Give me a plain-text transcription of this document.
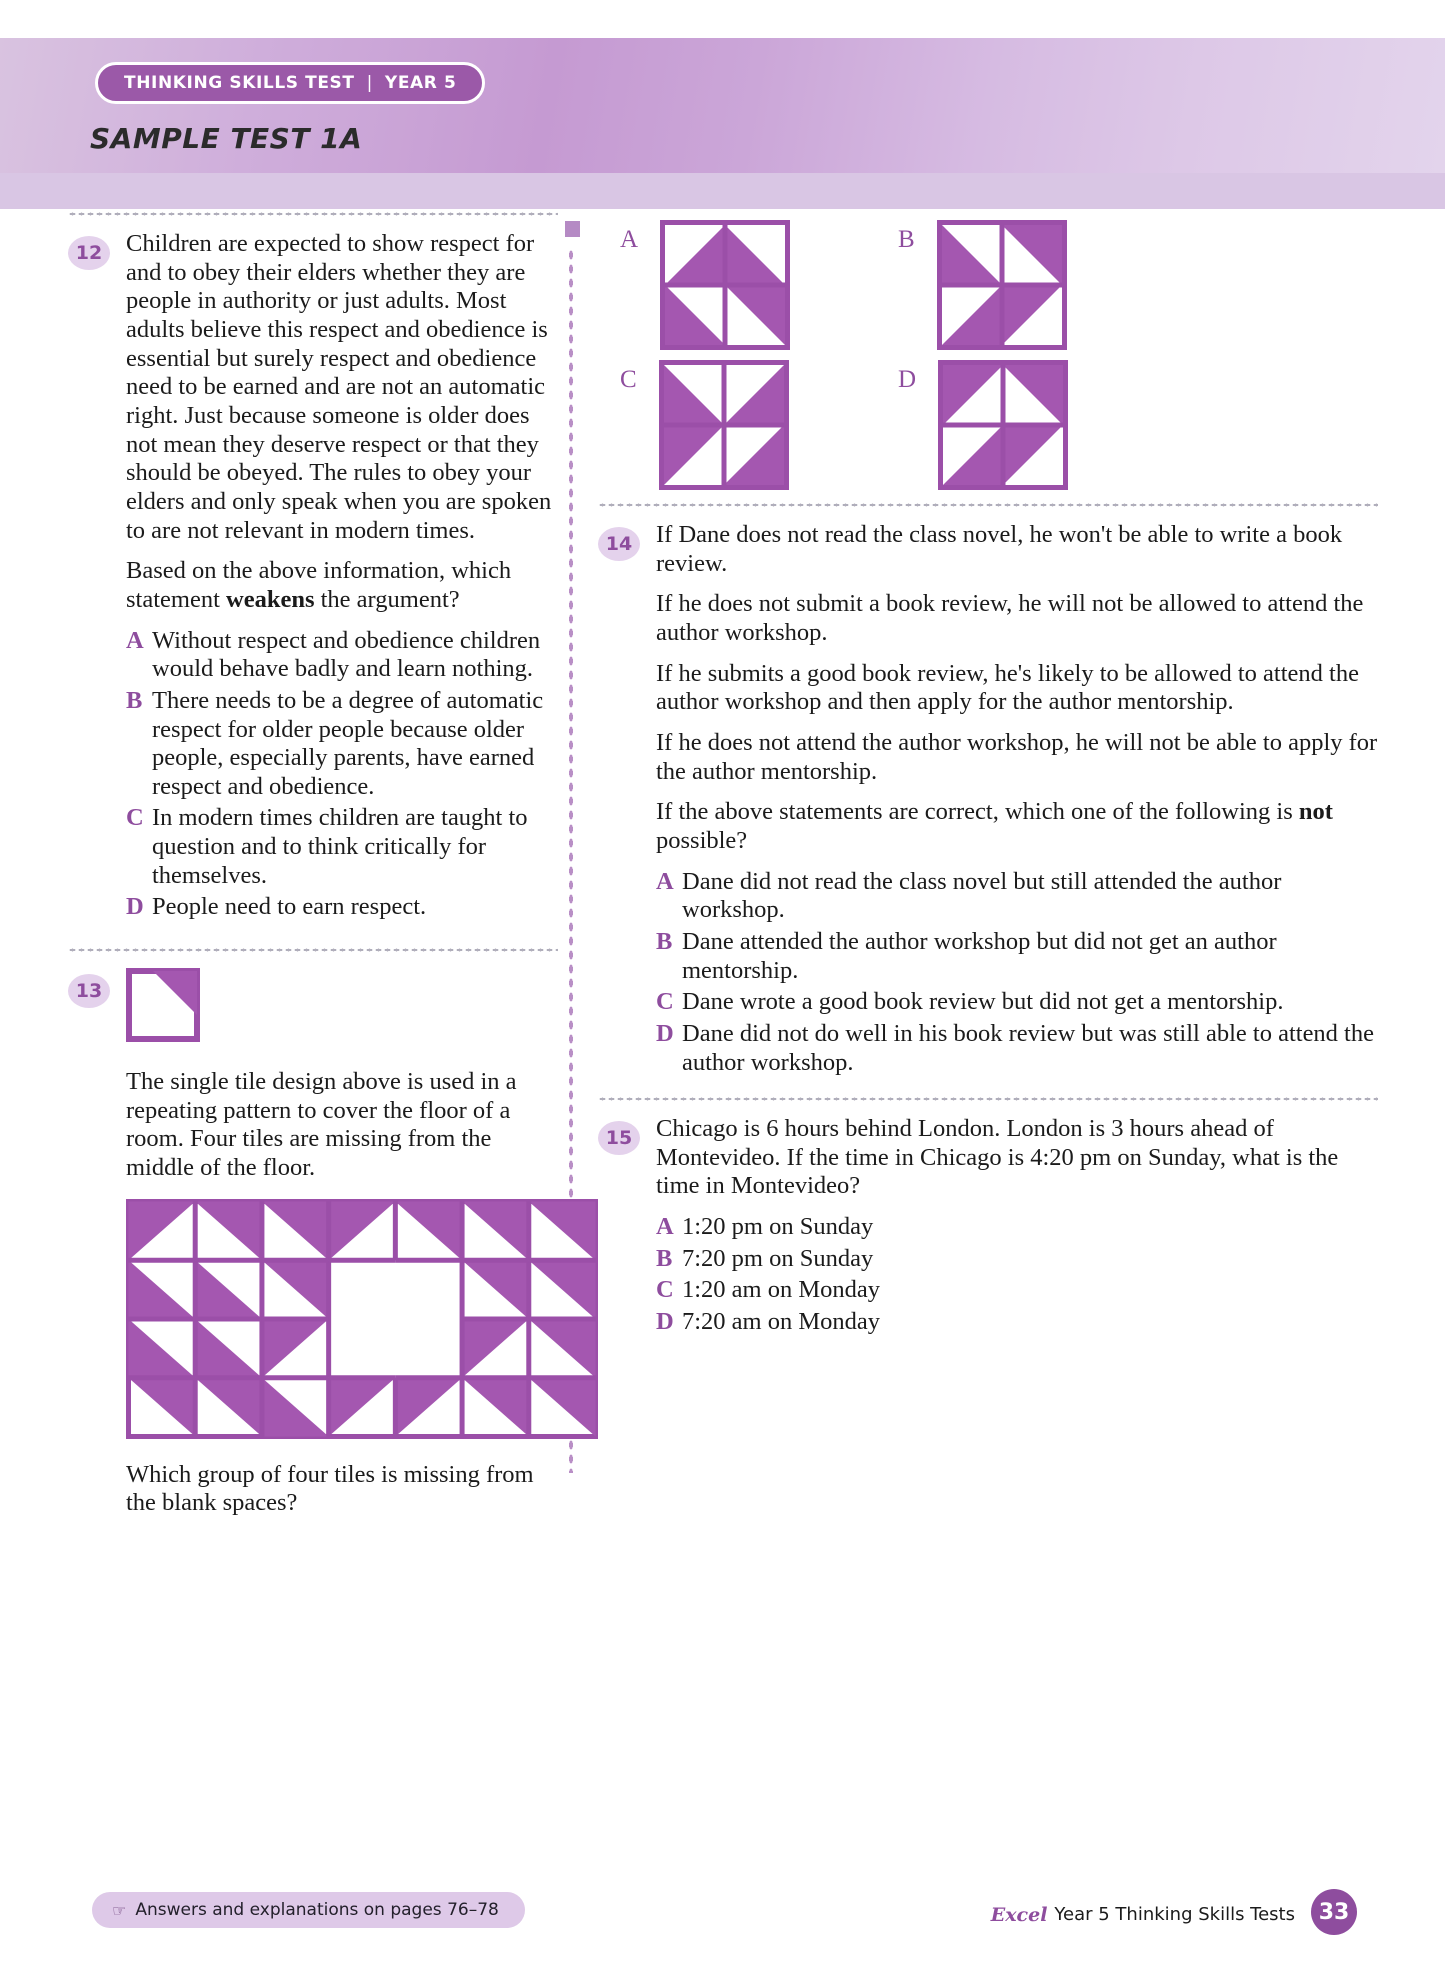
THINKING SKILLS TEST | YEAR 5
SAMPLE TEST 1A
12 Children are expected to show respect for and to obey their elders whether they are people in authority or just adults. Most adults believe this respect and obedience is essential but surely respect and obedience need to be earned and are not an automatic right. Just because someone is older does not mean they deserve respect or that they should be obeyed. The rules to obey your elders and only speak when you are spoken to are not relevant in modern times.

Based on the above information, which statement weakens the argument?

A Without respect and obedience children would behave badly and learn nothing.
B There needs to be a degree of automatic respect for older people because older people, especially parents, have earned respect and obedience.
C In modern times children are taught to question and to think critically for themselves.
D People need to earn respect.
13

The single tile design above is used in a repeating pattern to cover the floor of a room. Four tiles are missing from the middle of the floor.

Which group of four tiles is missing from the blank spaces?

A	B
C	D
14 If Dane does not read the class novel, he won't be able to write a book review.

If he does not submit a book review, he will not be allowed to attend the author workshop.

If he submits a good book review, he's likely to be allowed to attend the author workshop and then apply for the author mentorship.

If he does not attend the author workshop, he will not be able to apply for the author mentorship.

If the above statements are correct, which one of the following is not possible?

A Dane did not read the class novel but still attended the author workshop.
B Dane attended the author workshop but did not get an author mentorship.
C Dane wrote a good book review but did not get a mentorship.
D Dane did not do well in his book review but was still able to attend the author workshop.
15 Chicago is 6 hours behind London. London is 3 hours ahead of Montevideo. If the time in Chicago is 4:20 pm on Sunday, what is the time in Montevideo?

A 1:20 pm on Sunday
B 7:20 pm on Sunday
C 1:20 am on Monday
D 7:20 am on Monday
☞ Answers and explanations on pages 76–78	Excel Year 5 Thinking Skills Tests	33
